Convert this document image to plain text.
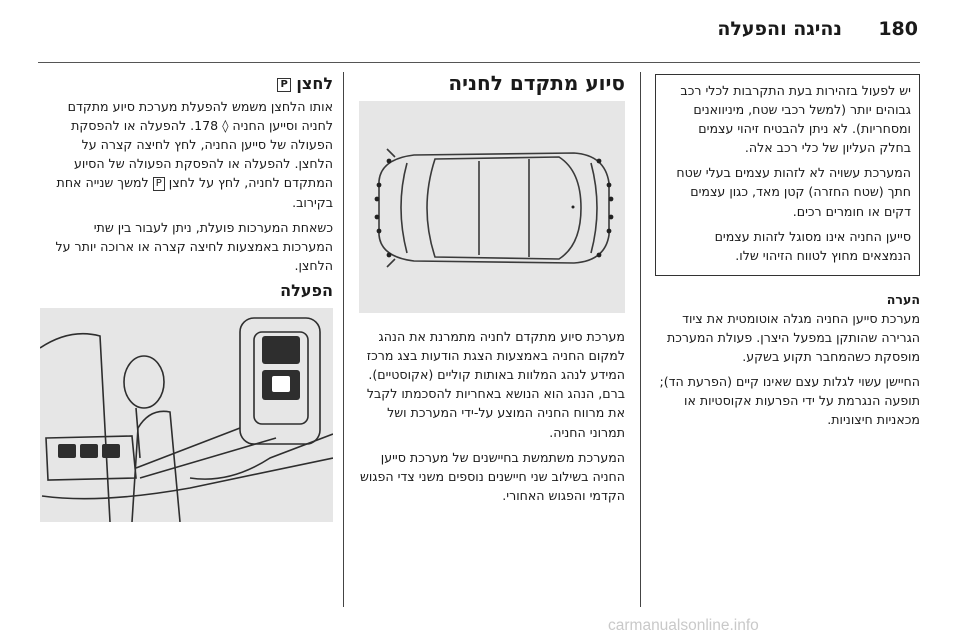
נהיגה והפעלה 180

יש לפעול בזהירות בעת התקרבות לכלי רכב גבוהים יותר (למשל רכבי שטח, מיניוואנים ומסחריות). לא ניתן להבטיח זיהוי עצמים בחלק העליון של כלי רכב אלה.

המערכת עשויה לא לזהות עצמים בעלי שטח חתך (שטח החזרה) קטן מאד, כגון עצמים דקים או חומרים רכים.

סייען החניה אינו מסוגל לזהות עצמים הנמצאים מחוץ לטווח הזיהוי שלו.

הערה

מערכת סייען החניה מגלה אוטומטית את ציוד הגרירה שהותקן במפעל היצרן. פעולת המערכת מופסקת כשהמחבר תקוע בשקע.

החיישן עשוי לגלות עצם שאינו קיים (הפרעת הד); תופעה הנגרמת על ידי הפרעות אקוסטיות או מכאניות חיצוניות.

סיוע מתקדם לחניה

מערכת סיוע מתקדם לחניה מתמרנת את הנהג למקום החניה באמצעות הצגת הודעות בצג מרכז המידע לנהג המלוות באותות קוליים (אקוסטיים). ברם, הנהג הוא הנושא באחריות להסכמתו לקבל את מרווח החניה המוצע על-ידי המערכת ושל תמרוני החניה.

המערכת משתמשת בחיישנים של מערכת סייען החניה בשילוב שני חיישנים נוספים משני צדי הפגוש הקדמי והפגוש האחורי.

לחצן P

אותו הלחצן משמש להפעלת מערכת סיוע מתקדם לחניה וסייען החניה ◊ 178. להפעלה או להפסקת הפעולה של סייען החניה, לחץ לחיצה קצרה על הלחצן. להפעלה או להפסקת הפעולה של הסיוע המתקדם לחניה, לחץ על לחצן P למשך שנייה אחת בקירוב.

כשאחת המערכות פועלת, ניתן לעבור בין שתי המערכות באמצעות לחיצה קצרה או ארוכה יותר על הלחצן.

הפעלה
carmanualsonline.info
